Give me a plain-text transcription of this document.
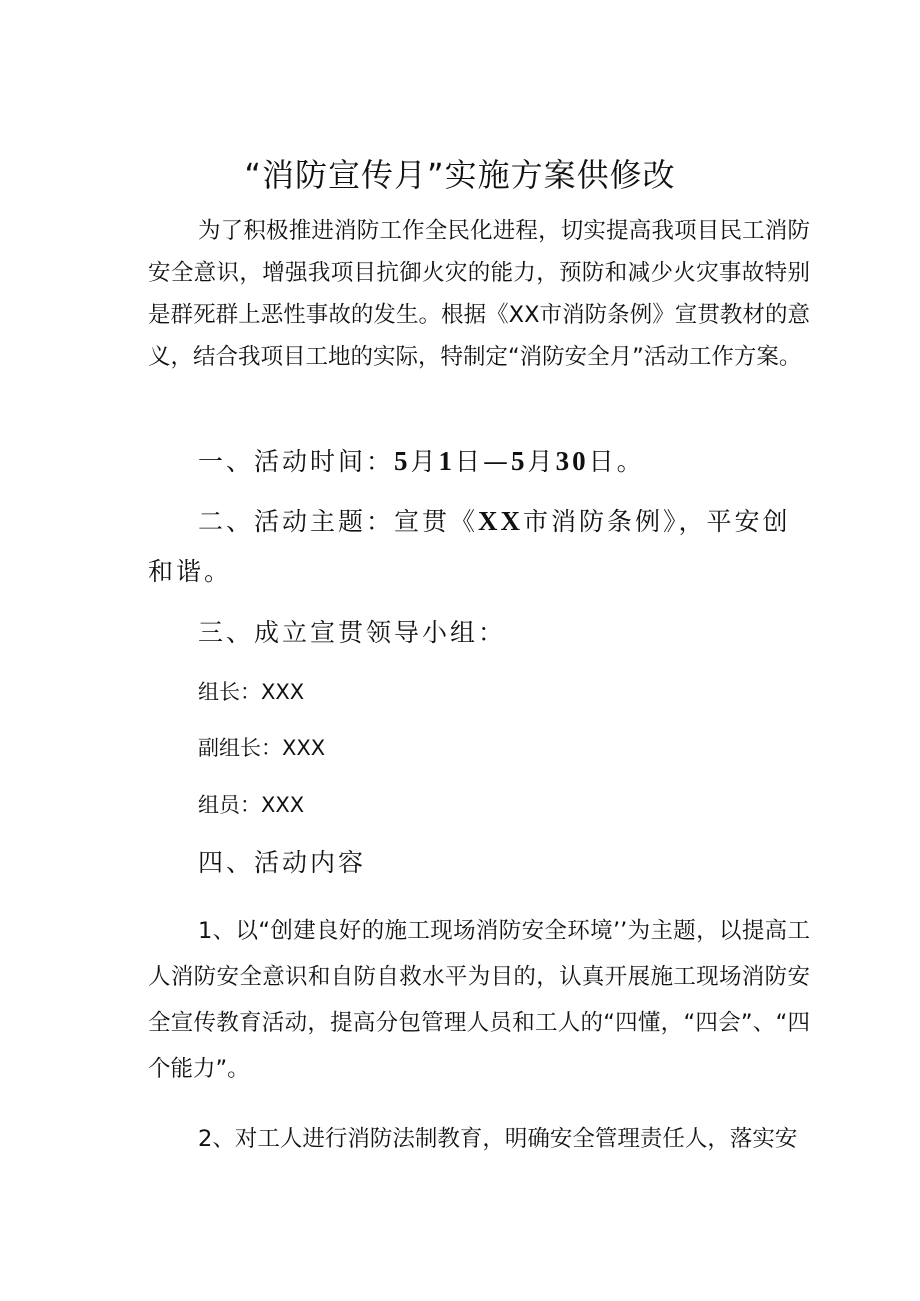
“消防宣传月”实施方案供修改

为了积极推进消防工作全民化进程，切实提高我项目民工消防安全意识，增强我项目抗御火灾的能力，预防和减少火灾事故特别是群死群上恶性事故的发生。根据《XX市消防条例》宣贯教材的意义，结合我项目工地的实际，特制定“消防安全月”活动工作方案。

一、活动时间：5月1日—5月30日。

二、活动主题：宣贯《XX市消防条例》，平安创和谐。

三、成立宣贯领导小组：

组长：XXX

副组长：XXX

组员：XXX

四、活动内容

1、以“创建良好的施工现场消防安全环境’’为主题，以提高工人消防安全意识和自防自救水平为目的，认真开展施工现场消防安全宣传教育活动，提高分包管理人员和工人的“四懂，“四会”、“四个能力”。

2、对工人进行消防法制教育，明确安全管理责任人，落实安
